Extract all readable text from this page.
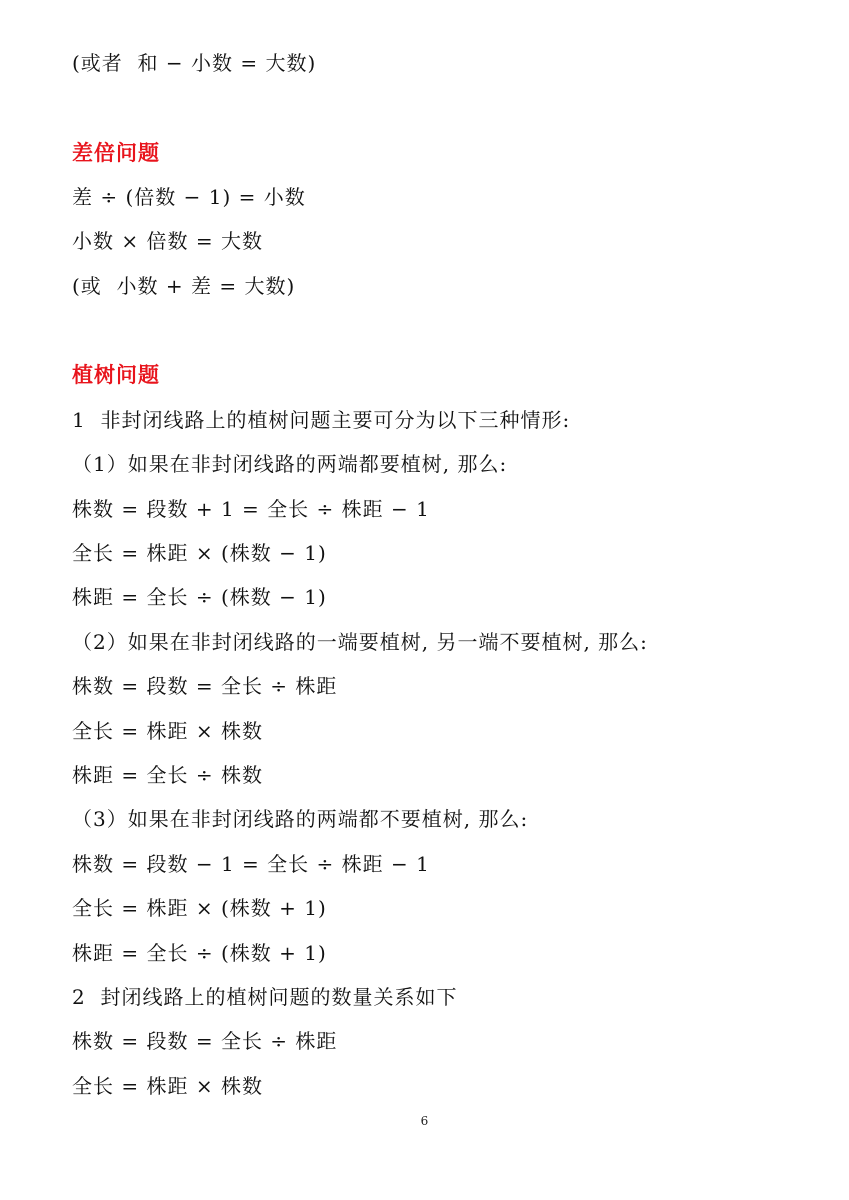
(或者  和 − 小数 = 大数)
差倍问题
差 ÷ (倍数 − 1) = 小数
小数 × 倍数 = 大数
(或  小数 + 差 = 大数)
植树问题
1  非封闭线路上的植树问题主要可分为以下三种情形:
（1）如果在非封闭线路的两端都要植树, 那么:
株数 = 段数 + 1 = 全长 ÷ 株距 − 1
全长 = 株距 × (株数 − 1)
株距 = 全长 ÷ (株数 − 1)
（2）如果在非封闭线路的一端要植树, 另一端不要植树, 那么:
株数 = 段数 = 全长 ÷ 株距
全长 = 株距 × 株数
株距 = 全长 ÷ 株数
（3）如果在非封闭线路的两端都不要植树, 那么:
株数 = 段数 − 1 = 全长 ÷ 株距 − 1
全长 = 株距 × (株数 + 1)
株距 = 全长 ÷ (株数 + 1)
2  封闭线路上的植树问题的数量关系如下
株数 = 段数 = 全长 ÷ 株距
全长 = 株距 × 株数
6
